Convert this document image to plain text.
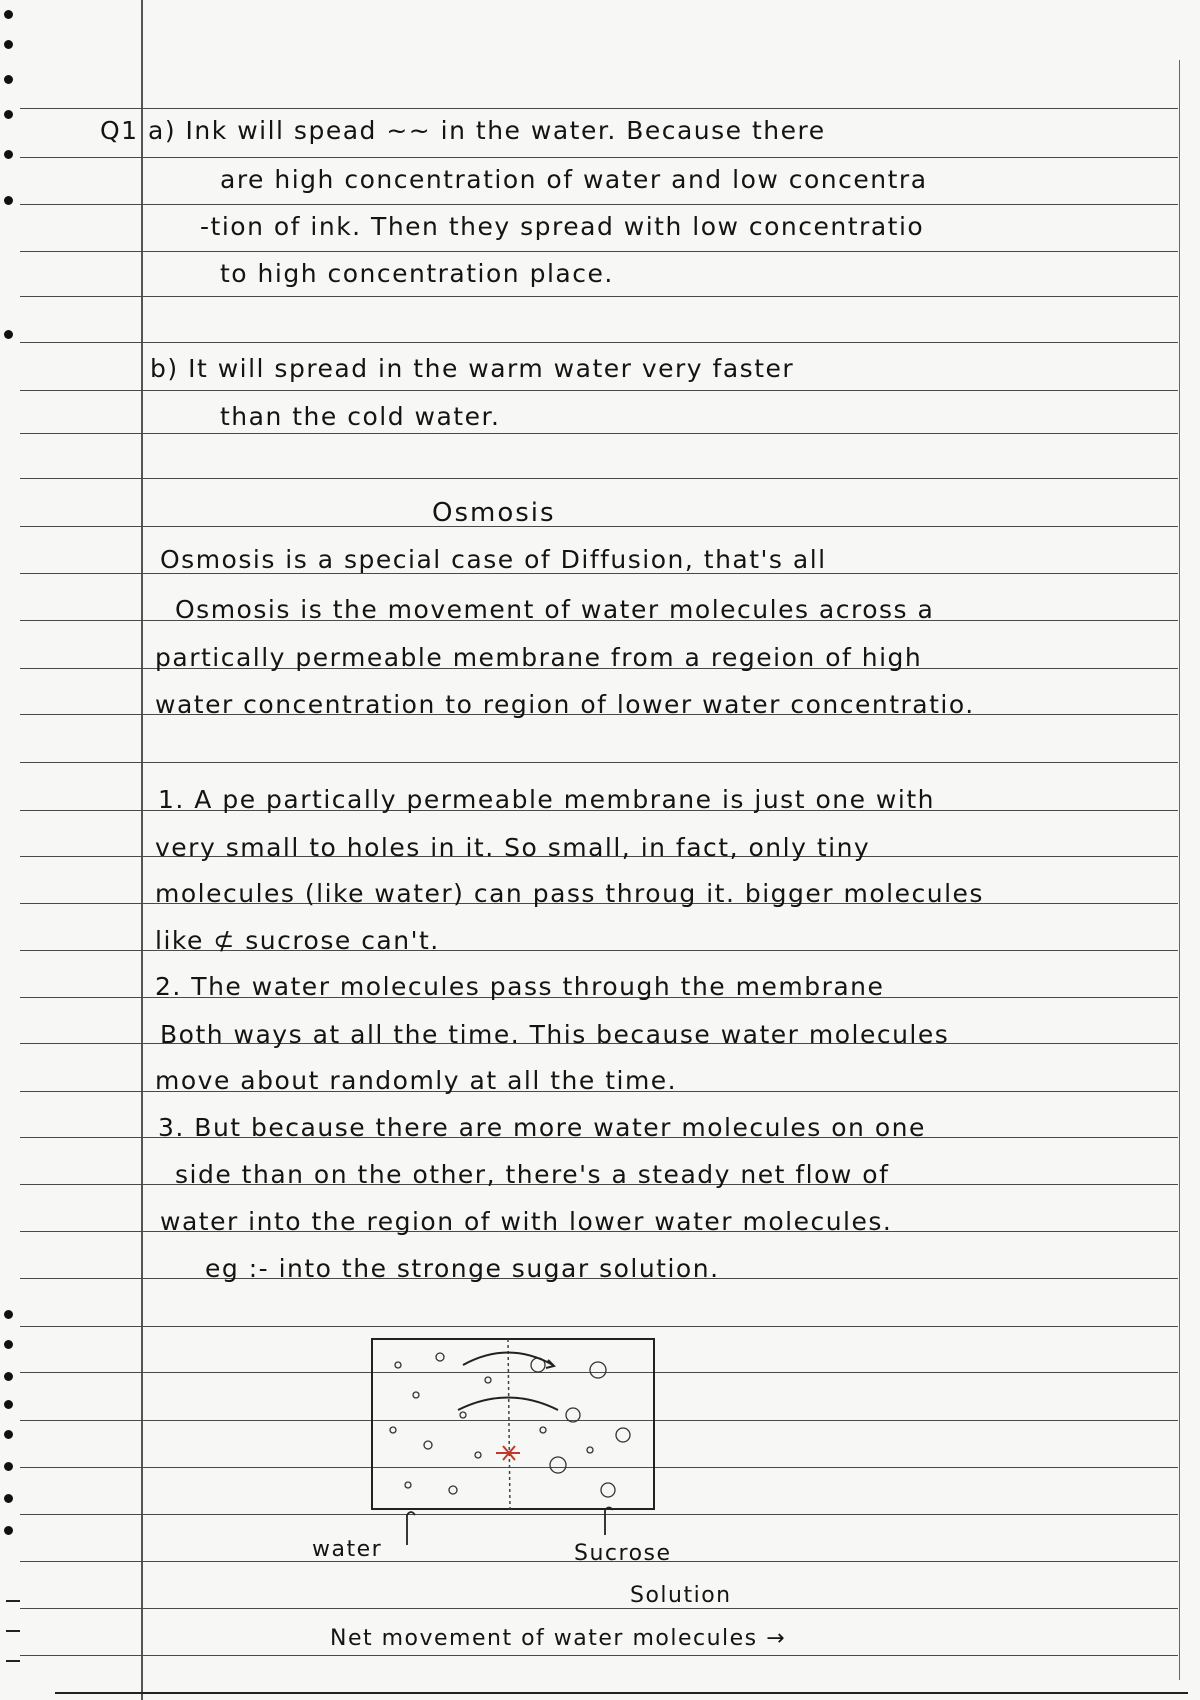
Q1 a) Ink will spead ~~ in the water. Because there
are high concentration of water and low concentra
-tion of ink. Then they spread with low concentratio
to high concentration place.
b) It will spread in the warm water very faster
than the cold water.
Osmosis
Osmosis is a special case of Diffusion, that's all
Osmosis is the movement of water molecules across a
partically permeable membrane from a regeion of high
water concentration to region of lower water concentratio.
1. A pe partically permeable membrane is just one with
very small to holes in it. So small, in fact, only tiny
molecules (like water) can pass throug it. bigger molecules
like ⊄ sucrose can't.
2. The water molecules pass through the membrane
Both ways at all the time. This because water molecules
move about randomly at all the time.
3. But because there are more water molecules on one
side than on the other, there's a steady net flow of
water into the region of with lower water molecules.
eg :- into the stronge sugar solution.
water	Sucrose
Solution
Net movement of water molecules →
